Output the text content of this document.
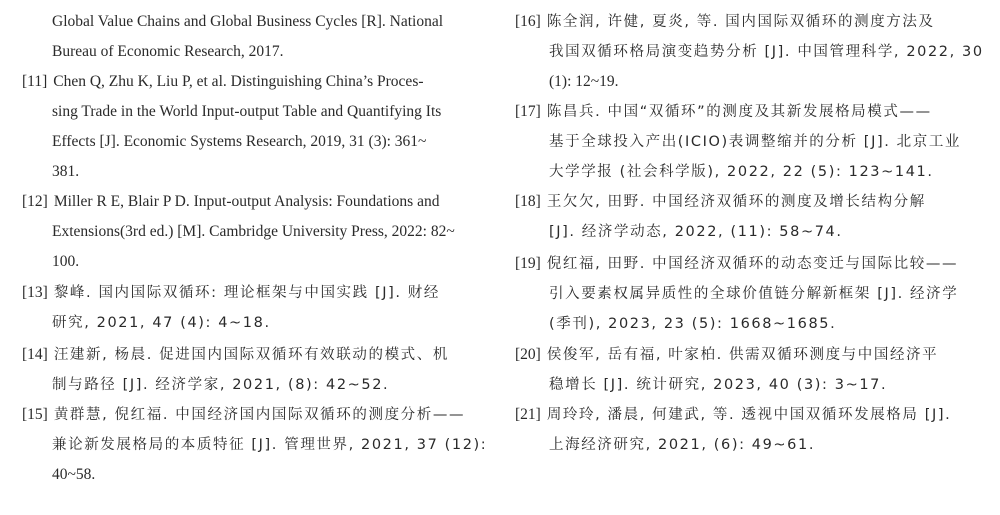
Global Value Chains and Global Business Cycles [R]. National
Bureau of Economic Research, 2017.
[11] Chen Q, Zhu K, Liu P, et al. Distinguishing China’s Proces-
sing Trade in the World Input-output Table and Quantifying Its
Effects [J]. Economic Systems Research, 2019, 31 (3): 361~
381.
[12] Miller R E, Blair P D. Input-output Analysis: Foundations and
Extensions(3rd ed.) [M]. Cambridge University Press, 2022: 82~
100.
[13] 黎峰. 国内国际双循环: 理论框架与中国实践 [J]. 财经
研究, 2021, 47 (4): 4~18.
[14] 汪建新, 杨晨. 促进国内国际双循环有效联动的模式、机
制与路径 [J]. 经济学家, 2021, (8): 42~52.
[15] 黄群慧, 倪红福. 中国经济国内国际双循环的测度分析——
兼论新发展格局的本质特征 [J]. 管理世界, 2021, 37 (12):
40~58.
[16] 陈全润, 许健, 夏炎, 等. 国内国际双循环的测度方法及
我国双循环格局演变趋势分析 [J]. 中国管理科学, 2022, 30
(1): 12~19.
[17] 陈昌兵. 中国“双循环”的测度及其新发展格局模式——
基于全球投入产出(ICIO)表调整缩并的分析 [J]. 北京工业
大学学报 (社会科学版), 2022, 22 (5): 123~141.
[18] 王欠欠, 田野. 中国经济双循环的测度及增长结构分解
[J]. 经济学动态, 2022, (11): 58~74.
[19] 倪红福, 田野. 中国经济双循环的动态变迁与国际比较——
引入要素权属异质性的全球价值链分解新框架 [J]. 经济学
(季刊), 2023, 23 (5): 1668~1685.
[20] 侯俊军, 岳有福, 叶家柏. 供需双循环测度与中国经济平
稳增长 [J]. 统计研究, 2023, 40 (3): 3~17.
[21] 周玲玲, 潘晨, 何建武, 等. 透视中国双循环发展格局 [J].
上海经济研究, 2021, (6): 49~61.
